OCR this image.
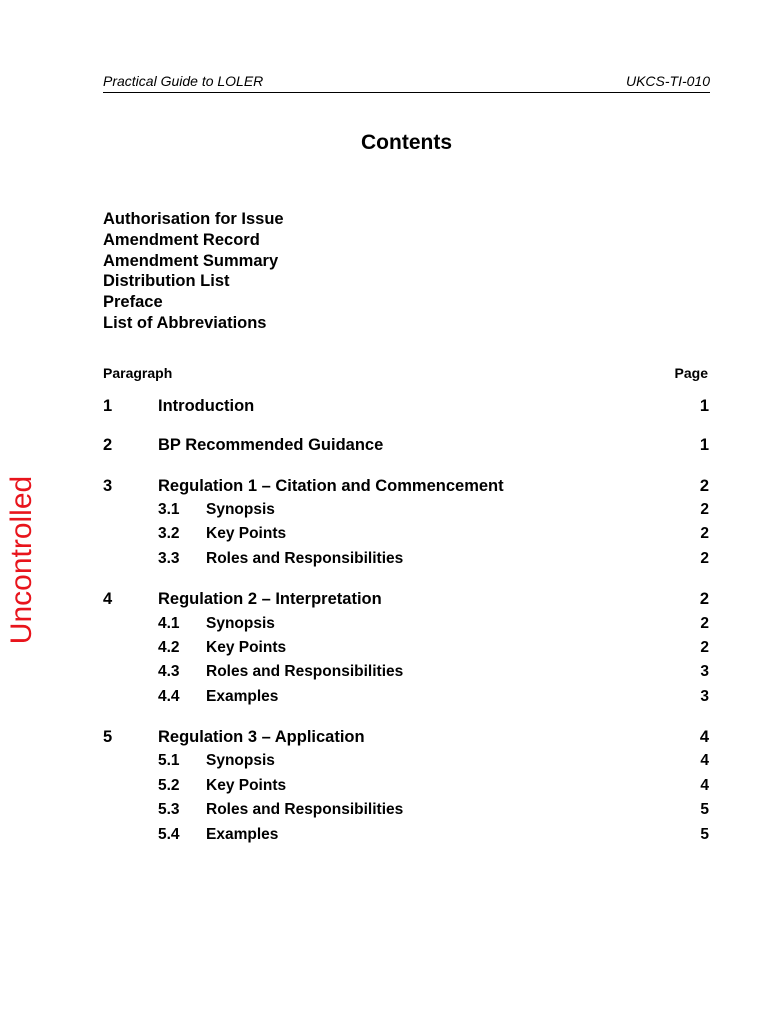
Practical Guide to LOLER	UKCS-TI-010
Contents
Authorisation for Issue
Amendment Record
Amendment Summary
Distribution List
Preface
List of Abbreviations
Paragraph	Page
1	Introduction	1
2	BP Recommended Guidance	1
3	Regulation 1 – Citation and Commencement	2
3.1 Synopsis	2
3.2 Key Points	2
3.3 Roles and Responsibilities	2
4	Regulation 2 – Interpretation	2
4.1 Synopsis	2
4.2 Key Points	2
4.3 Roles and Responsibilities	3
4.4 Examples	3
5	Regulation 3 – Application	4
5.1 Synopsis	4
5.2 Key Points	4
5.3 Roles and Responsibilities	5
5.4 Examples	5
Uncontrolled
